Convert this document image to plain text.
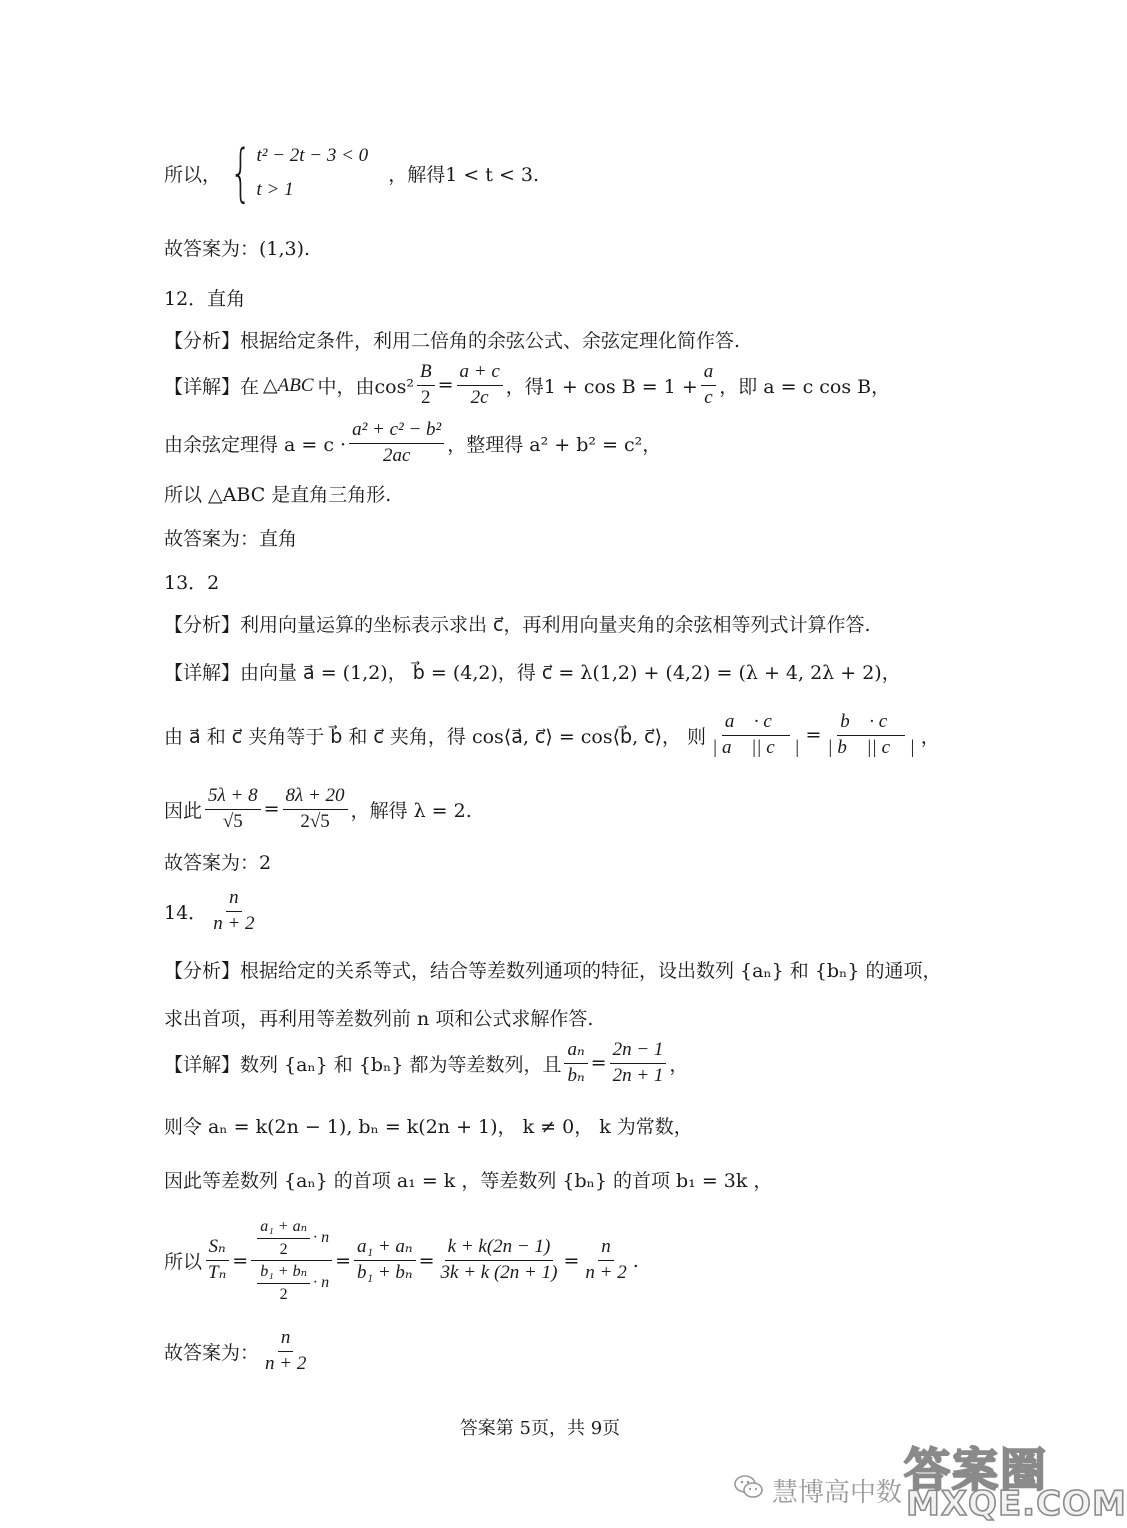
所以， { t² − 2t − 3 < 0
t > 1
，解得1 < t < 3.
故答案为：(1,3).
12．直角
【分析】根据给定条件，利用二倍角的余弦公式、余弦定理化简作答.
【详解】在 △ABC 中，由$\cos^2 \frac{B}{2} = \frac{a + c}{2c}$ ，得$1 + \cos B = 1 + \frac{a}{c}$ ，即 a = c cos B，
由余弦定理得 $a = c \cdot \frac{\text{a² + c² − b²}}{2ac}$ ，整理得 a² + b² = c²，
所以 △ABC 是直角三角形.
故答案为：直角
13．2
【分析】利用向量运算的坐标表示求出 c⃗，再利用向量夹角的余弦相等列式计算作答.
【详解】由向量 a⃗ = (1,2)， b⃗ = (4,2)，得 c⃗ = λ(1,2) + (4,2) = (λ + 4, 2λ + 2)，
由 a⃗ 和 c⃗ 夹角等于 b⃗ 和 c⃗ 夹角，得 cos⟨a⃗, c⃗⟩ = cos⟨b⃗, c⃗⟩， 则 $\frac{a⃗ \cdot c⃗}{| a⃗ || c⃗ |} = \frac{b⃗ \cdot c⃗}{| b⃗ || c⃗ |}$ ，
因此 $\frac{5\lambda + 8}{√5} = \frac{8\lambda + 20}{2√5}$ ，解得 λ = 2.
故答案为：2
14． $\frac{n}{n + 2}$
【分析】根据给定的关系等式，结合等差数列通项的特征，设出数列 {aₙ} 和 {bₙ} 的通项，
求出首项，再利用等差数列前 n 项和公式求解作答.
【详解】数列 {aₙ} 和 {bₙ} 都为等差数列，且 $\frac{\text{aₙ}}{\text{bₙ}} = \frac{2n - 1}{2n + 1}$ ，
则令 aₙ = k(2n − 1), bₙ = k(2n + 1)， k ≠ 0， k 为常数，
因此等差数列 {aₙ} 的首项 a₁ = k ，等差数列 {bₙ} 的首项 b₁ = 3k ，
所以 $\frac{\text{Sₙ}}{\text{Tₙ}} = \frac{\frac{\text{a₁ + aₙ}}{2} \cdot n}{\frac{\text{b₁ + bₙ}}{2} \cdot n} = \frac{\text{a₁ + aₙ}}{\text{b₁ + bₙ}} = \frac{k + k(2n - 1)}{3k + k (2n + 1)} = \frac{n}{n + 2}$ .
故答案为： $\frac{n}{n + 2}$
答案第 5页，共 9页
慧博高中数 答案圈
MXQE.COM
